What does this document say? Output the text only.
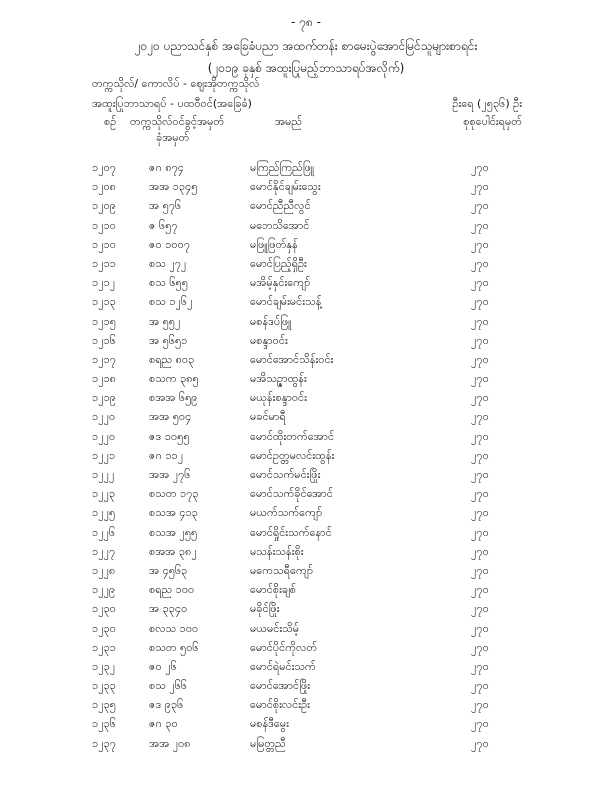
- ၇၈ -
၂၀၂၀ ပညာသင်နှစ် အခြေခံပညာ အထက်တန်း စာမေးပွဲအောင်မြင်သူများစာရင်း
(၂၀၁၉ ခုနှစ် အထူးပြုမည့်ဘာသာရပ်အလိုက်)
တက္ကသိုလ်/ ကောလိပ် - ဈေးအိုတက္ကသိုလ်
အထူးပြုဘာသာရပ် - ပထဝီဝင်(အခြေခံ)	ဦးရေ (၂၅၃၆) ဦး
စဉ် တက္ကသိုလ်ဝင်ခွင့်အမှတ်
ခုံအမှတ်
အမည်	စုစုပေါင်းရမှတ်
၁၂၀၇	ဇဂ ၈၇၄	မကြည်ကြည်ဖြူ	၂၇၀
၁၂၀၈	အအ ၁၃၄၅	မောင်နိုင်ချမ်းသွေး	၂၇၀
၁၂၀၉	အ ၅၇၆	မောင်ညီညီလွင်	၂၇၀
၁၂၁၀	ဇ ၆၅၇	မဘေသိအောင်	၂၇၀
၁၂၁၀	ဇ၀ ၁၀၀၇	မဖြူဖြတ်နှန်	၂၇၀
၁၂၁၁	စသ ၂၇၂	မောင်ပြည့်ရှိဦး	၂၇၀
၁၂၁၂	စသ ၆၅၅	မအိမ့်နှင်းကျော်	၂၇၀
၁၂၁၃	စသ ၁၂၆၂	မောင်ချမ်းမင်းသန့်	၂၇၀
၁၂၁၅	အ ၅၅၂	မစန်ဒပ်ဖြူ	၂၇၀
၁၂၁၆	အ ၅၆၅၁	မစန္ဒာဝင်း	၂၇၀
၁၂၁၇	စရည ၈၀၃	မောင်အောင်သိန်းဝင်း	၂၇၀
၁၂၁၈	စသက ၃၈၅	မအိသဉ္ဇာထွန်း	၂၇၀
၁၂၁၉	စအအ ၆၅၉	မယုန်းစန္ဒာဝင်း	၂၇၀
၁၂၂၀	အအ ၅၀၄	မခင်မာရီ	၂၇၀
၁၂၂၀	ဇဒ ၁၀၅၅	မောင်ထိုးတက်အောင်	၂၇၀
၁၂၂၁	ဇဂ ၁၁၂	မောင်ဥတ္တမလင်းထွန်း	၂၇၀
၁၂၂၂	အအ ၂၇၆	မောင်သက်မင်းဖြိုး	၂၇၀
၁၂၂၃	စသတ ၁၇၃	မောင်သက်ခိုင်အောင်	၂၇၀
၁၂၂၅	စသအ ၄၁၃	မယက်သက်ကျော်	၂၇၀
၁၂၂၆	စသအ ၂၅၅	မောင်ရှိုင်းသက်နောင်	၂၇၀
၁၂၂၇	စအအ ၃၈၂	မသန်းသန်းစိုး	၂၇၀
၁၂၂၈	အ ၄၅၆၃	မကေသရီကျော်	၂၇၀
၁၂၂၉	စရည ၁၀၀	မောင်စိုးချစ်	၂၇၀
၁၂၃၀	အ ၃၃၄၀	မခိုင်ဖြိုး	၂၇၀
၁၂၃၀	စလသ ၁၀၀	မယမင်းသိမ့်	၂၇၀
၁၂၃၁	စသတ ၅၀၆	မောင်ပိုင်ကိုလတ်	၂၇၀
၁၂၃၂	ဇဝ ၂၆	မောင်ရဲမင်းသက်	၂၇၀
၁၂၃၃	စသ ၂၆၆	မောင်အောင်ဖြိုး	၂၇၀
၁၂၃၅	ဇဒ ၉၃၆	မောင်စိုးလင်းဦး	၂၇၀
၁၂၃၆	ဇဂ ၃၀	မစန်ဒီမွေး	၂၇၀
၁၂၃၇	အအ ၂၀၈	မမြတ္တညီ	၂၇၀
